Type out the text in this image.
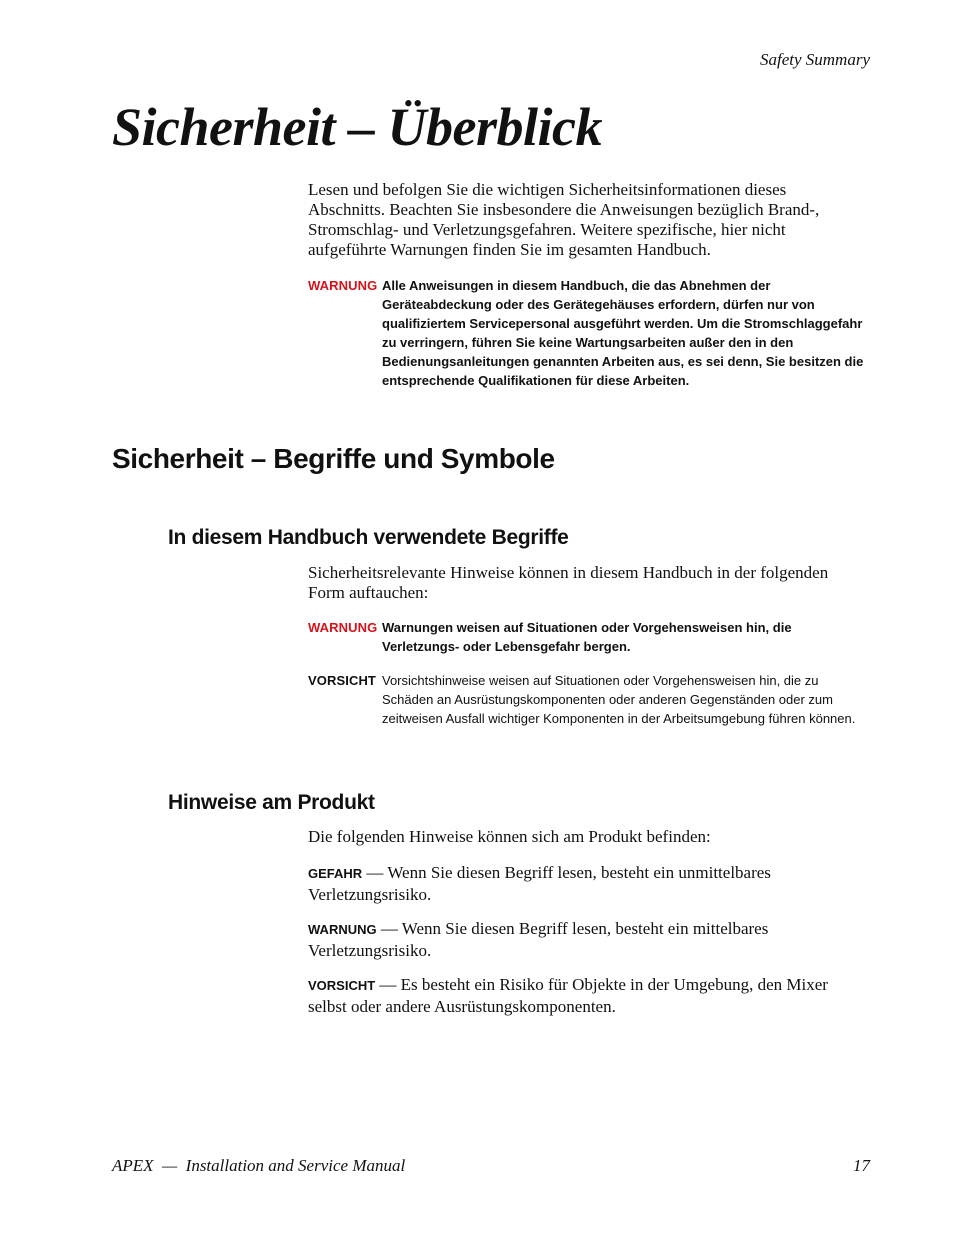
Safety Summary
Sicherheit – Überblick

Lesen und befolgen Sie die wichtigen Sicherheitsinformationen dieses Abschnitts. Beachten Sie insbesondere die Anweisungen bezüglich Brand-, Stromschlag- und Verletzungsgefahren. Weitere spezifische, hier nicht aufgeführte Warnungen finden Sie im gesamten Handbuch.

WARNUNG Alle Anweisungen in diesem Handbuch, die das Abnehmen der Geräteabdeckung oder des Gerätegehäuses erfordern, dürfen nur von qualifiziertem Servicepersonal ausgeführt werden. Um die Stromschlaggefahr zu verringern, führen Sie keine Wartungsarbeiten außer den in den Bedienungsanleitungen genannten Arbeiten aus, es sei denn, Sie besitzen die entsprechende Qualifikationen für diese Arbeiten.
Sicherheit – Begriffe und Symbole
In diesem Handbuch verwendete Begriffe

Sicherheitsrelevante Hinweise können in diesem Handbuch in der folgenden Form auftauchen:

WARNUNG Warnungen weisen auf Situationen oder Vorgehensweisen hin, die Verletzungs- oder Lebensgefahr bergen.
VORSICHT Vorsichtshinweise weisen auf Situationen oder Vorgehensweisen hin, die zu Schäden an Ausrüstungskomponenten oder anderen Gegenständen oder zum zeitweisen Ausfall wichtiger Komponenten in der Arbeitsumgebung führen können.
Hinweise am Produkt

Die folgenden Hinweise können sich am Produkt befinden:

GEFAHR — Wenn Sie diesen Begriff lesen, besteht ein unmittelbares Verletzungsrisiko.

WARNUNG — Wenn Sie diesen Begriff lesen, besteht ein mittelbares Verletzungsrisiko.

VORSICHT — Es besteht ein Risiko für Objekte in der Umgebung, den Mixer selbst oder andere Ausrüstungskomponenten.

APEX  —  Installation and Service Manual	17
